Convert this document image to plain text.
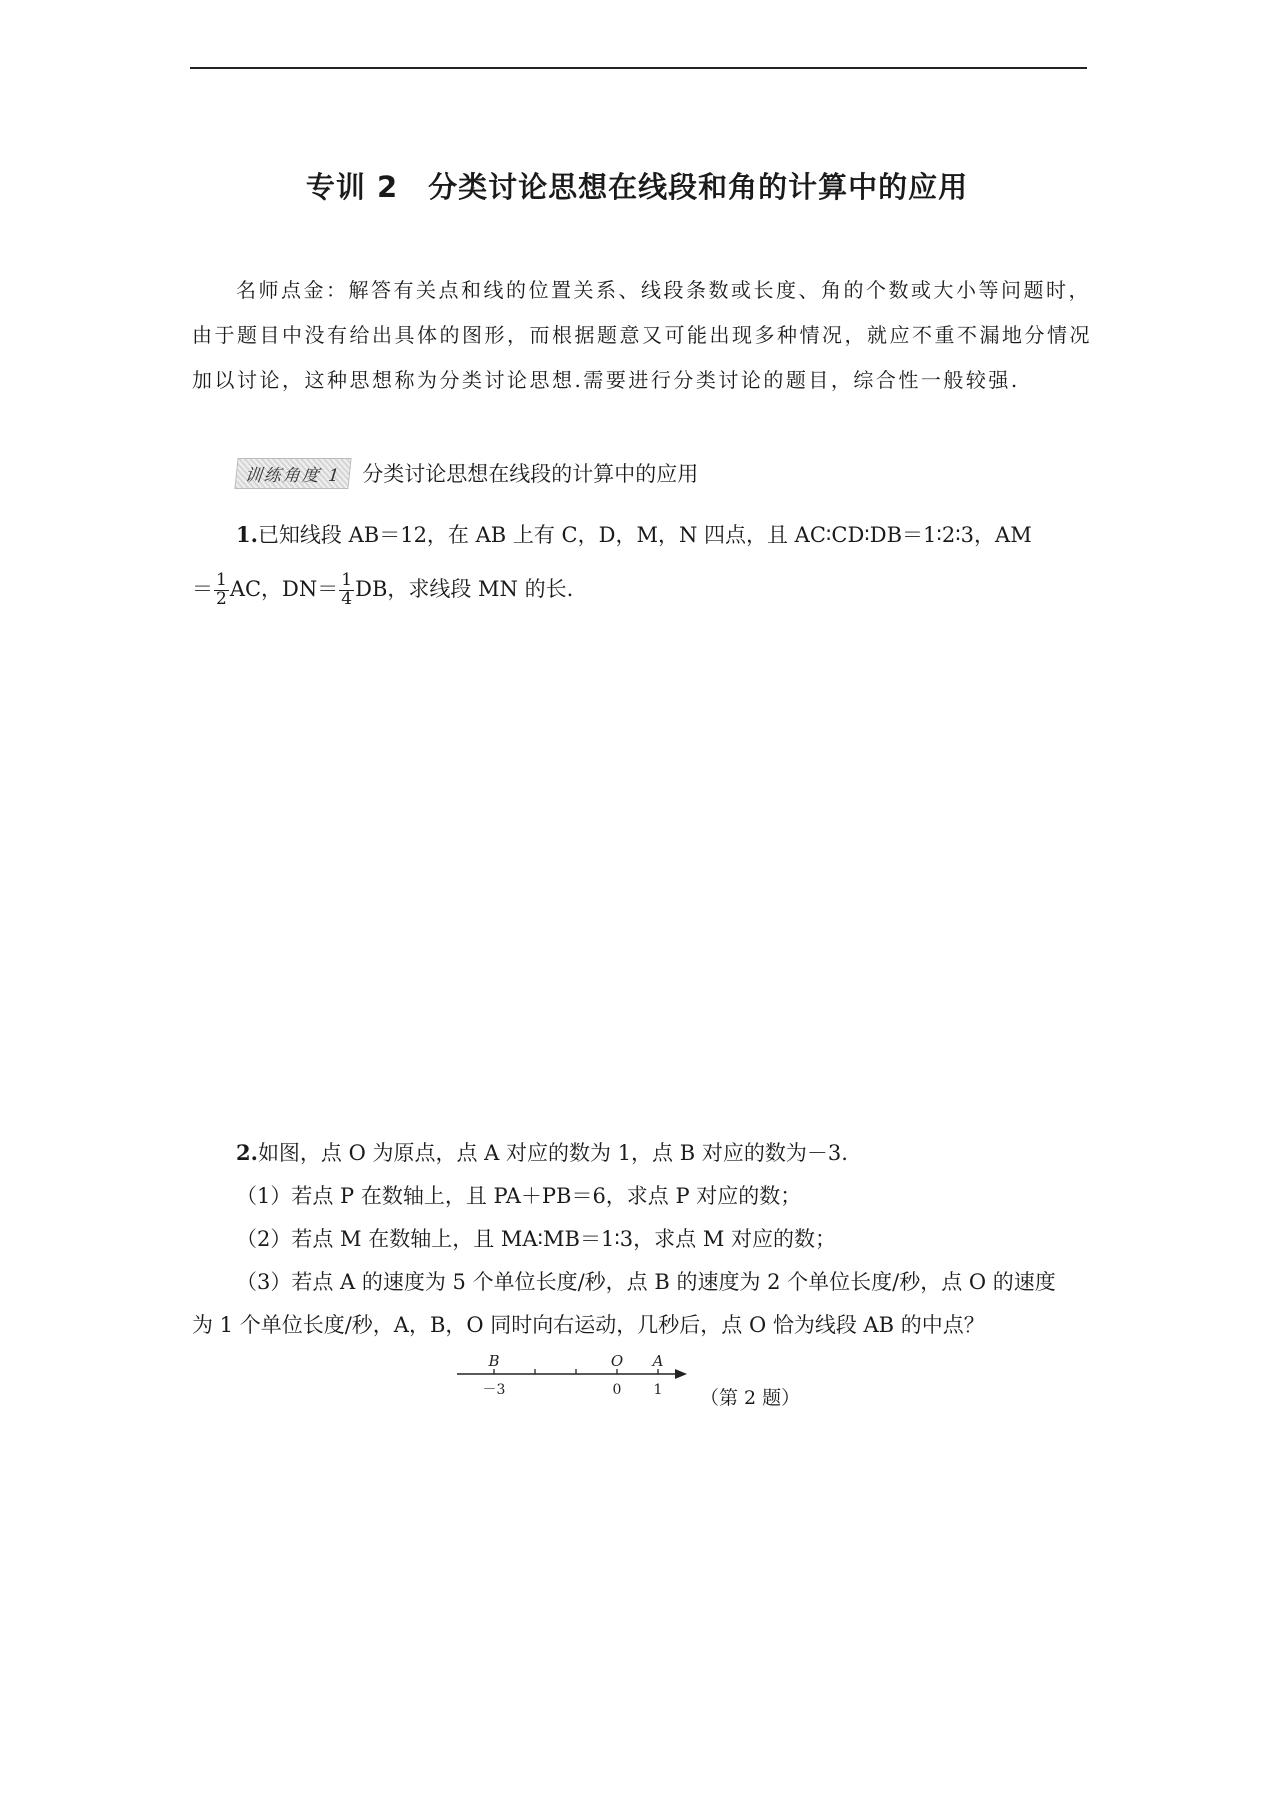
专训 2　分类讨论思想在线段和角的计算中的应用

名师点金：解答有关点和线的位置关系、线段条数或长度、角的个数或大小等问题时，

由于题目中没有给出具体的图形，而根据题意又可能出现多种情况，就应不重不漏地分情况

加以讨论，这种思想称为分类讨论思想.需要进行分类讨论的题目，综合性一般较强.

训练角度 1 分类讨论思想在线段的计算中的应用

1.已知线段 AB＝12，在 AB 上有 C，D，M，N 四点，且 AC∶CD∶DB＝1∶2∶3，AM

＝ $\frac{1}{2}$ AC，$DN= \frac{1}{4}$ DB，求线段 MN 的长.

2.如图，点 O 为原点，点 A 对应的数为 1，点 B 对应的数为－3.

（1）若点 P 在数轴上，且 PA＋PB＝6，求点 P 对应的数；

（2）若点 M 在数轴上，且 MA∶MB＝1∶3，求点 M 对应的数；

（3）若点 A 的速度为 5 个单位长度/秒，点 B 的速度为 2 个单位长度/秒，点 O 的速度

为 1 个单位长度/秒，A，B，O 同时向右运动，几秒后，点 O 恰为线段 AB 的中点？

B
－3
O
0
A
1 （第 2 题）
